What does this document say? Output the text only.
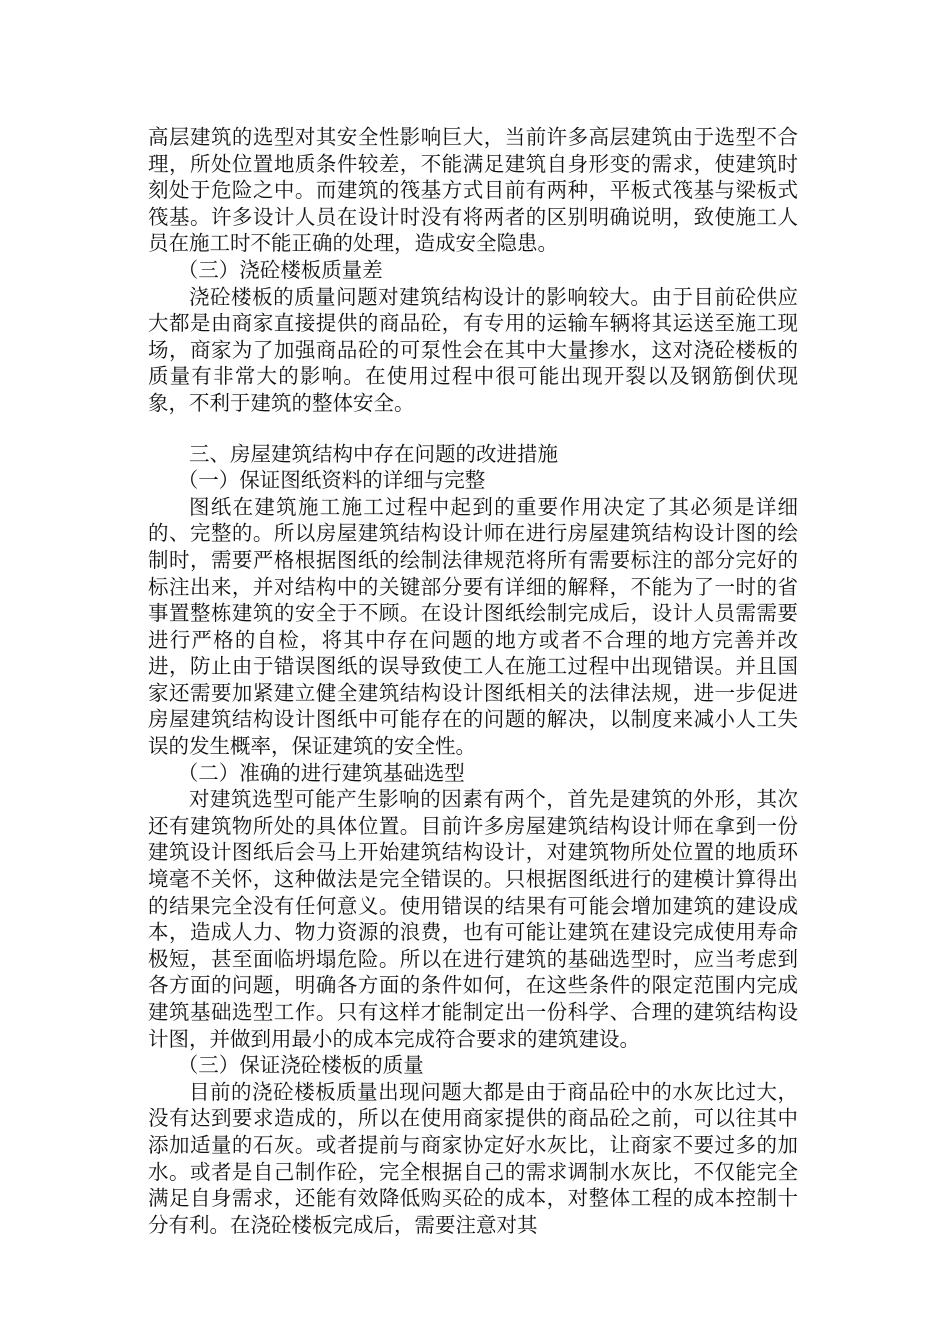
高层建筑的选型对其安全性影响巨大，当前许多高层建筑由于选型不合理，所处位置地质条件较差，不能满足建筑自身形变的需求，使建筑时刻处于危险之中。而建筑的筏基方式目前有两种，平板式筏基与梁板式筏基。许多设计人员在设计时没有将两者的区别明确说明，致使施工人员在施工时不能正确的处理，造成安全隐患。

（三）浇砼楼板质量差

浇砼楼板的质量问题对建筑结构设计的影响较大。由于目前砼供应大都是由商家直接提供的商品砼，有专用的运输车辆将其运送至施工现场，商家为了加强商品砼的可泵性会在其中大量掺水，这对浇砼楼板的质量有非常大的影响。在使用过程中很可能出现开裂以及钢筋倒伏现象，不利于建筑的整体安全。

三、房屋建筑结构中存在问题的改进措施

（一）保证图纸资料的详细与完整

图纸在建筑施工施工过程中起到的重要作用决定了其必须是详细的、完整的。所以房屋建筑结构设计师在进行房屋建筑结构设计图的绘制时，需要严格根据图纸的绘制法律规范将所有需要标注的部分完好的标注出来，并对结构中的关键部分要有详细的解释，不能为了一时的省事置整栋建筑的安全于不顾。在设计图纸绘制完成后，设计人员需需要进行严格的自检，将其中存在问题的地方或者不合理的地方完善并改进，防止由于错误图纸的误导致使工人在施工过程中出现错误。并且国家还需要加紧建立健全建筑结构设计图纸相关的法律法规，进一步促进房屋建筑结构设计图纸中可能存在的问题的解决，以制度来减小人工失误的发生概率，保证建筑的安全性。

（二）准确的进行建筑基础选型

对建筑选型可能产生影响的因素有两个，首先是建筑的外形，其次还有建筑物所处的具体位置。目前许多房屋建筑结构设计师在拿到一份建筑设计图纸后会马上开始建筑结构设计，对建筑物所处位置的地质环境毫不关怀，这种做法是完全错误的。只根据图纸进行的建模计算得出的结果完全没有任何意义。使用错误的结果有可能会增加建筑的建设成本，造成人力、物力资源的浪费，也有可能让建筑在建设完成使用寿命极短，甚至面临坍塌危险。所以在进行建筑的基础选型时，应当考虑到各方面的问题，明确各方面的条件如何，在这些条件的限定范围内完成建筑基础选型工作。只有这样才能制定出一份科学、合理的建筑结构设计图，并做到用最小的成本完成符合要求的建筑建设。

（三）保证浇砼楼板的质量

目前的浇砼楼板质量出现问题大都是由于商品砼中的水灰比过大，没有达到要求造成的，所以在使用商家提供的商品砼之前，可以往其中添加适量的石灰。或者提前与商家协定好水灰比，让商家不要过多的加水。或者是自己制作砼，完全根据自己的需求调制水灰比，不仅能完全满足自身需求，还能有效降低购买砼的成本，对整体工程的成本控制十分有利。在浇砼楼板完成后，需要注意对其
